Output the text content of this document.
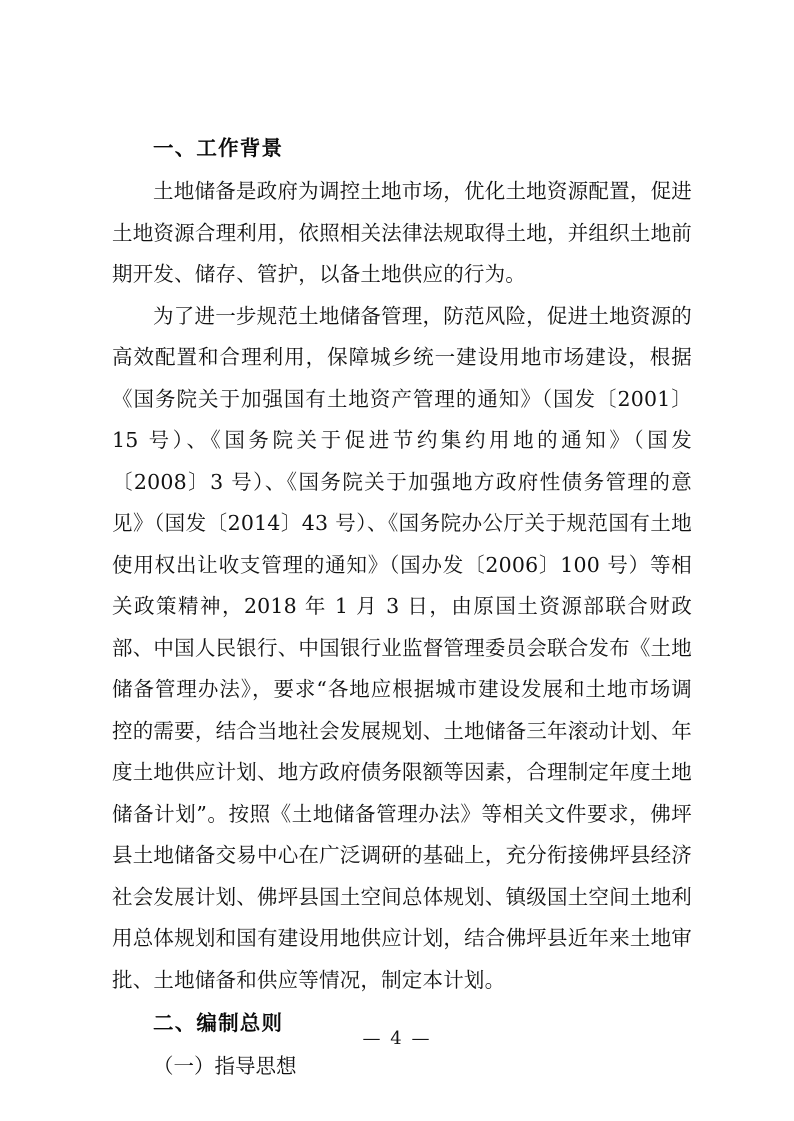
一、工作背景

土地储备是政府为调控土地市场，优化土地资源配置，促进土地资源合理利用，依照相关法律法规取得土地，并组织土地前期开发、储存、管护，以备土地供应的行为。

为了进一步规范土地储备管理，防范风险，促进土地资源的高效配置和合理利用，保障城乡统一建设用地市场建设，根据《国务院关于加强国有土地资产管理的通知》（国发〔2001〕15 号）、《国务院关于促进节约集约用地的通知》（国发〔2008〕3 号）、《国务院关于加强地方政府性债务管理的意见》（国发〔2014〕43 号）、《国务院办公厅关于规范国有土地使用权出让收支管理的通知》（国办发〔2006〕100 号）等相关政策精神，2018 年 1 月 3 日，由原国土资源部联合财政部、中国人民银行、中国银行业监督管理委员会联合发布《土地储备管理办法》，要求“各地应根据城市建设发展和土地市场调控的需要，结合当地社会发展规划、土地储备三年滚动计划、年度土地供应计划、地方政府债务限额等因素，合理制定年度土地储备计划”。按照《土地储备管理办法》等相关文件要求，佛坪县土地储备交易中心在广泛调研的基础上，充分衔接佛坪县经济社会发展计划、佛坪县国土空间总体规划、镇级国土空间土地利用总体规划和国有建设用地供应计划，结合佛坪县近年来土地审批、土地储备和供应等情况，制定本计划。

二、编制总则

（一）指导思想

— 4 —
